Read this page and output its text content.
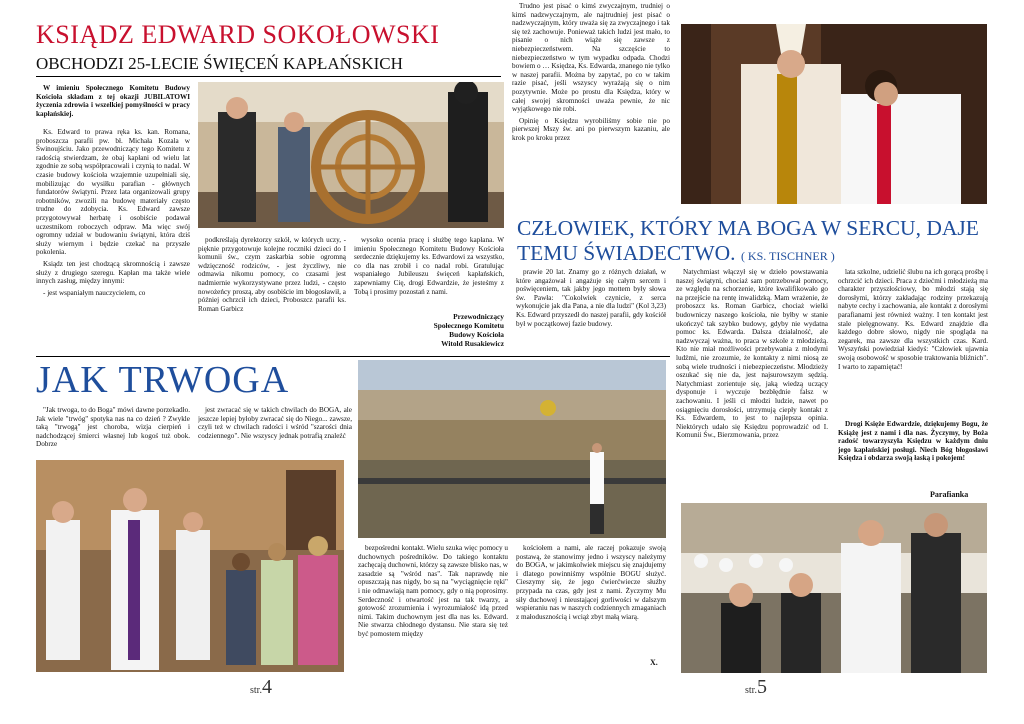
KSIĄDZ EDWARD SOKOŁOWSKI
OBCHODZI 25-LECIE ŚWIĘCEŃ KAPŁAŃSKICH

W imieniu Społecznego Komitetu Budowy Kościoła składam z tej okazji JUBILATOWI życzenia zdrowia i wszelkiej pomyślności w pracy kapłańskiej.

Ks. Edward to prawa ręka ks. kan. Romana, proboszcza parafii pw. bł. Michała Kozala w Świnoujściu. Jako przewodniczący tego Komitetu z radością stwierdzam, że obaj kapłani od wielu lat zgodnie ze sobą współpracowali i czynią to nadal. W czasie budowy kościoła wzajemnie uzupełniali się, mobilizując do wysiłku parafian - głównych fundatorów świątyni. Przez lata organizowali grupy robotników, zwozili na budowę materiały często trudne do zdobycia. Ks. Edward zawsze przygotowywał herbatę i osobiście podawał uczestnikom roboczych odpraw. Ma więc swój ogromny udział w budowaniu świątyni, która dziś służy wiernym i będzie czekać na przyszłe pokolenia.

Ksiądz ten jest chodzącą skromnością i zawsze służy z drugiego szeregu. Kapłan ma także wiele innych zasług, między innymi:

- jest wspaniałym nauczycielem, co

podkreślają dyrektorzy szkół, w których uczy, - pięknie przygotowuje kolejne roczniki dzieci do I komunii św., czym zaskarbia sobie ogromną wdzięczność rodziców, - jest życzliwy, nie odmawia nikomu pomocy, co czasami jest nadmiernie wykorzystywane przez ludzi, - często nowożeńcy proszą, aby osobiście im błogosławił, a później ochrzcił ich dzieci, Proboszcz parafii ks. Roman Garbicz

wysoko ocenia pracę i służbę tego kapłana. W imieniu Społecznego Komitetu Budowy Kościoła serdecznie dziękujemy ks. Edwardowi za wszystko, co dla nas zrobił i co nadal robi. Gratulując wspaniałego Jubileuszu święceń kapłańskich, zapewniamy Cię, drogi Edwardzie, że jesteśmy z Tobą i prosimy pozostań z nami.

Przewodniczący
Społecznego Komitetu
Budowy Kościoła
Witold Rusakiewicz

Trudno jest pisać o kimś zwyczajnym, trudniej o kimś nadzwyczajnym, ale najtrudniej jest pisać o nadzwyczajnym, który uważa się za zwyczajnego i tak się też zachowuje. Ponieważ takich ludzi jest mało, to pisanie o nich wiąże się zawsze z niebezpieczeństwem. Na szczęście to niebezpieczeństwo w tym wypadku odpada. Chodzi bowiem o … Księdza, Ks. Edwarda, znanego nie tylko w naszej parafii. Można by zapytać, po co w takim razie pisać, jeśli wszyscy wyrażają się o nim pozytywnie. Może po prostu dla Księdza, który w całej swojej skromności uważa pewnie, że nic wyjątkowego nie robi.

Opinię o Księdzu wyrobiliśmy sobie nie po pierwszej Mszy św. ani po pierwszym kazaniu, ale krok po kroku przez

JAK TRWOGA

"Jak trwoga, to do Boga" mówi dawne porzekadło. Jak wiele "trwóg" spotyka nas na co dzień ? Zwykle taką "trwogą" jest choroba, wizja cierpień i nadchodzącej śmierci własnej lub kogoś tuż obok. Dobrze

jest zwracać się w takich chwilach do BOGA, ale jeszcze lepiej byłoby zwracać się do Niego... zawsze, czyli też w chwilach radości i wśród "szarości dnia codziennego". Nie wszyscy jednak potrafią znaleźć

bezpośredni kontakt. Wielu szuka więc pomocy u duchownych pośredników. Do takiego kontaktu zachęcają duchowni, którzy są zawsze blisko nas, w zasadzie są "wśród nas". Tak naprawdę nie opuszczają nas nigdy, bo są na "wyciągnięcie ręki" i nie odmawiają nam pomocy, gdy o nią poprosimy. Serdeczność i otwartość jest na tak twarzy, a gotowość zrozumienia i wyrozumiałość idą przed nimi. Takim duchownym jest dla nas ks. Edward. Nie stwarza chłodnego dystansu. Nie stara się też być pomostem między

kościołem a nami, ale raczej pokazuje swoją postawą, że stanowimy jedno i wszyscy należymy do BOGA, w jakimkolwiek miejscu się znajdujemy i dlatego powinniśmy wspólnie BOGU służyć. Cieszymy się, że jego ćwierćwiecze służby przypada na czas, gdy jest z nami. Życzymy Mu siły duchowej i nieustającej gorliwości w dalszym wspieraniu nas w naszych codziennych zmaganiach z małodusznością i wciąż zbyt małą wiarą.

X.
str.4
CZŁOWIEK, KTÓRY MA BOGA W SERCU, DAJE TEMU ŚWIADECTWO. ( KS. TISCHNER )

prawie 20 lat. Znamy go z różnych działań, w które angażował i angażuje się całym sercem i poświęceniem, tak jakby jego mottem były słowa św. Pawła: "Cokolwiek czynicie, z serca wykonujcie jak dla Pana, a nie dla ludzi" (Kol 3,23) Ks. Edward przyszedł do naszej parafii, gdy kościół był w początkowej fazie budowy.

Natychmiast włączył się w dzieło powstawania naszej świątyni, chociaż sam potrzebował pomocy, ze względu na schorzenie, które kwalifikowało go na przejście na rentę inwalidzką. Mam wrażenie, że proboszcz ks. Roman Garbicz, chociaż wielki budowniczy naszego kościoła, nie byłby w stanie ukończyć tak szybko budowy, gdyby nie wydatna pomoc ks. Edwarda. Dalsza działalność, ale nadzwyczaj ważna, to praca w szkole z młodzieżą. Kto nie miał możliwości przebywania z młodymi ludźmi, nie zrozumie, że kontakty z nimi niosą ze sobą wiele trudności i niebezpieczeństw. Młodzieży oszukać się nie da, jest najsurowszym sędzią. Natychmiast zorientuje się, jaką wiedzą uczący dysponuje i wyczuje bezbłędnie fałsz w zachowaniu. I jeśli ci młodzi ludzie, nawet po osiągnięciu dorosłości, utrzymują ciepły kontakt z Ks. Edwardem, to jest to najlepsza opinia. Niektórych udało się Księdzu poprowadzić od I. Komunii Św., Bierzmowania, przez

lata szkolne, udzielić ślubu na ich gorącą prośbę i ochrzcić ich dzieci. Praca z dziećmi i młodzieżą ma charakter przyszłościowy, bo młodzi stają się dorosłymi, którzy zakładając rodziny przekazują nabyte cechy i zachowania, ale kontakt z dorosłymi parafianami jest również ważny. I ten kontakt jest stale pielęgnowany. Ks. Edward znajdzie dla każdego dobre słowo, nigdy nie spogląda na zegarek, ma zawsze dla wszystkich czas. Kard. Wyszyński powiedział kiedyś: "Człowiek ujawnia swoją osobowość w sposobie traktowania bliźnich". I warto to zapamiętać!

Drogi Księże Edwardzie, dziękujemy Bogu, że Książę jest z nami i dla nas. Życzymy, by Boża radość towarzyszyła Księdzu w każdym dniu jego kapłańskiej posługi. Niech Bóg błogosławi Księdza i obdarza swoją łaską i pokojem!

Parafianka
str.5
